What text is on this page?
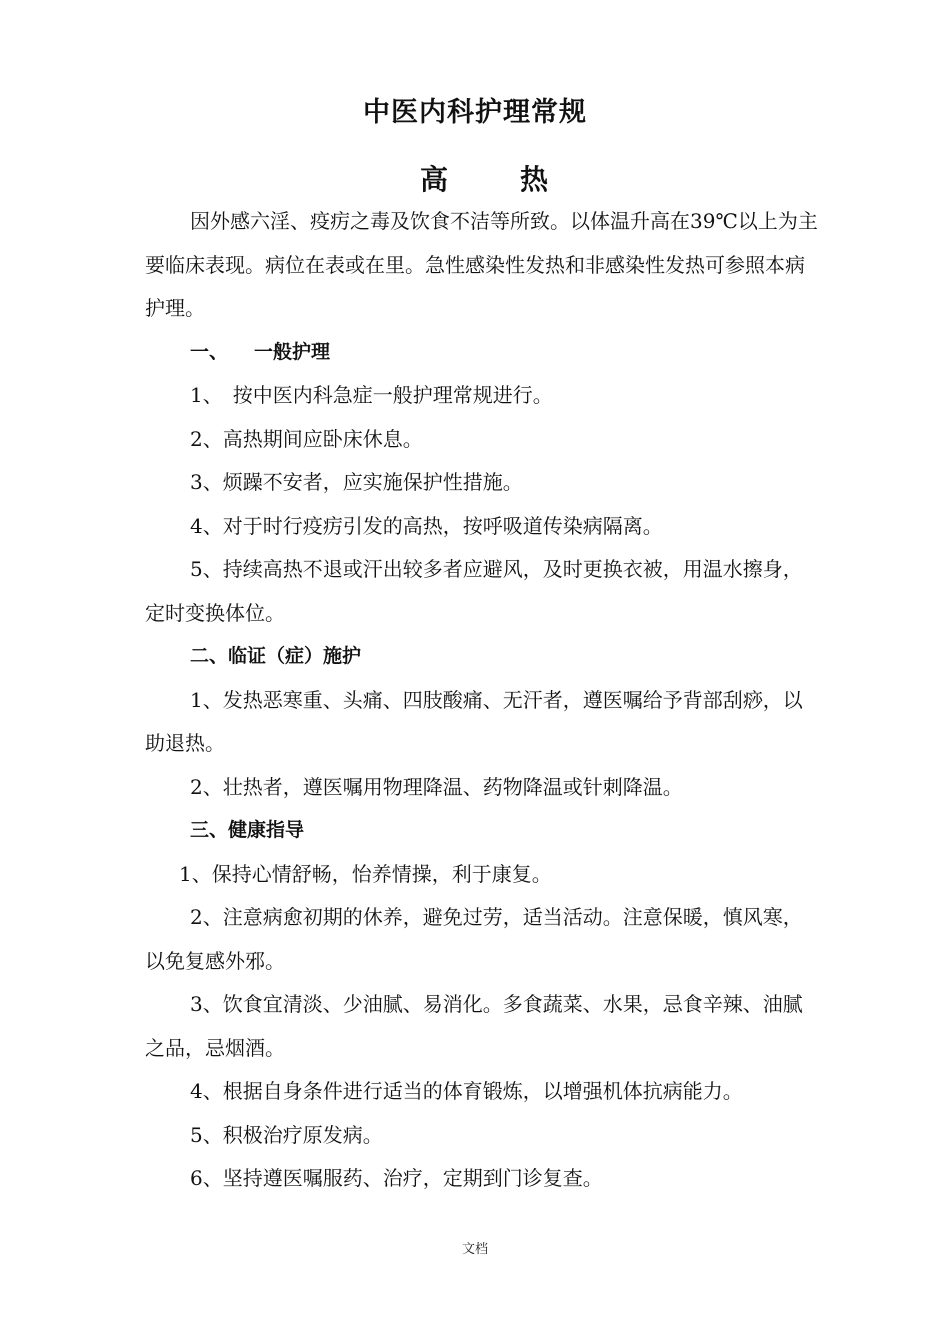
中医内科护理常规
高　热

因外感六淫、疫疠之毒及饮食不洁等所致。以体温升高在39℃以上为主要临床表现。病位在表或在里。急性感染性发热和非感染性发热可参照本病护理。

一、 一般护理

1、　按中医内科急症一般护理常规进行。

2、高热期间应卧床休息。

3、烦躁不安者，应实施保护性措施。

4、对于时行疫疠引发的高热，按呼吸道传染病隔离。

5、持续高热不退或汗出较多者应避风，及时更换衣被，用温水擦身，定时变换体位。

二、临证（症）施护

1、发热恶寒重、头痛、四肢酸痛、无汗者，遵医嘱给予背部刮痧，以助退热。

2、壮热者，遵医嘱用物理降温、药物降温或针刺降温。

三、健康指导

1、保持心情舒畅，怡养情操，利于康复。

2、注意病愈初期的休养，避免过劳，适当活动。注意保暖，慎风寒，以免复感外邪。

3、饮食宜清淡、少油腻、易消化。多食蔬菜、水果，忌食辛辣、油腻之品，忌烟酒。

4、根据自身条件进行适当的体育锻炼，以增强机体抗病能力。

5、积极治疗原发病。

6、坚持遵医嘱服药、治疗，定期到门诊复查。

文档
